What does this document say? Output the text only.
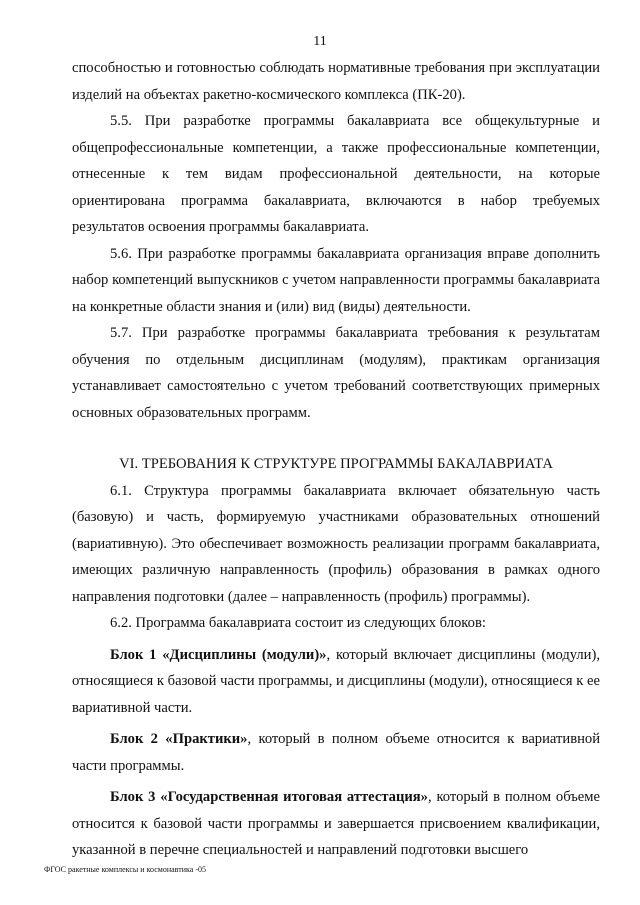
11

способностью и готовностью соблюдать нормативные требования при эксплуатации изделий на объектах ракетно-космического комплекса (ПК-20).

5.5. При разработке программы бакалавриата все общекультурные и общепрофессиональные компетенции, а также профессиональные компетенции, отнесенные к тем видам профессиональной деятельности, на которые ориентирована программа бакалавриата, включаются в набор требуемых результатов освоения программы бакалавриата.

5.6. При разработке программы бакалавриата организация вправе дополнить набор компетенций выпускников с учетом направленности программы бакалавриата на конкретные области знания и (или) вид (виды) деятельности.

5.7. При разработке программы бакалавриата требования к результатам обучения по отдельным дисциплинам (модулям), практикам организация устанавливает самостоятельно с учетом требований соответствующих примерных основных образовательных программ.

VI. ТРЕБОВАНИЯ К СТРУКТУРЕ ПРОГРАММЫ БАКАЛАВРИАТА

6.1. Структура программы бакалавриата включает обязательную часть (базовую) и часть, формируемую участниками образовательных отношений (вариативную). Это обеспечивает возможность реализации программ бакалавриата, имеющих различную направленность (профиль) образования в рамках одного направления подготовки (далее – направленность (профиль) программы).

6.2. Программа бакалавриата состоит из следующих блоков:

Блок 1 «Дисциплины (модули)», который включает дисциплины (модули), относящиеся к базовой части программы, и дисциплины (модули), относящиеся к ее вариативной части.

Блок 2 «Практики», который в полном объеме относится к вариативной части программы.

Блок 3 «Государственная итоговая аттестация», который в полном объеме относится к базовой части программы и завершается присвоением квалификации, указанной в перечне специальностей и направлений подготовки высшего

ФГОС ракетные комплексы и космонавтика -05
